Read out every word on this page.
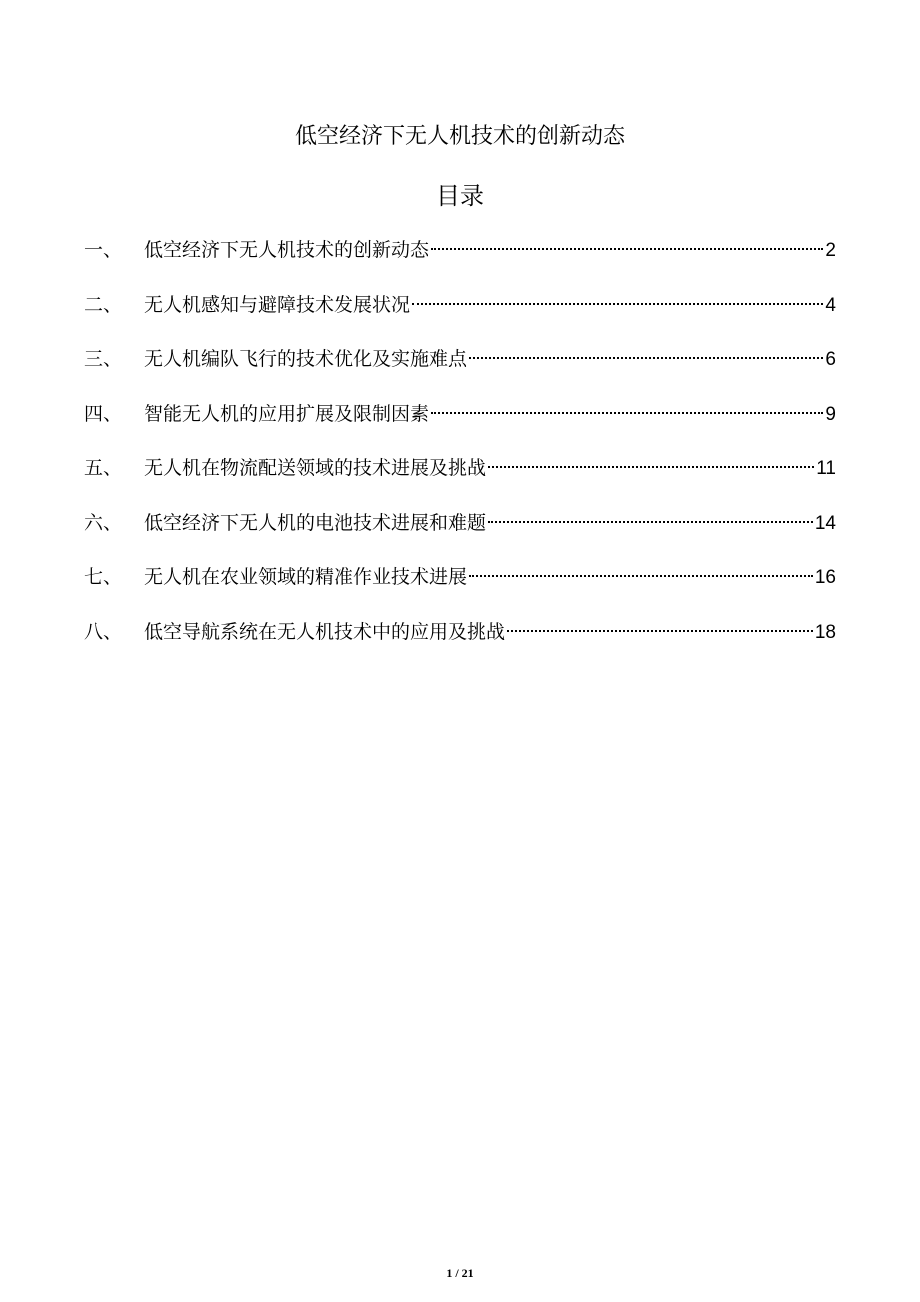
低空经济下无人机技术的创新动态
目录
一、	低空经济下无人机技术的创新动态	2
二、	无人机感知与避障技术发展状况	4
三、	无人机编队飞行的技术优化及实施难点	6
四、	智能无人机的应用扩展及限制因素	9
五、	无人机在物流配送领域的技术进展及挑战	11
六、	低空经济下无人机的电池技术进展和难题	14
七、	无人机在农业领域的精准作业技术进展	16
八、	低空导航系统在无人机技术中的应用及挑战	18
1 / 21
